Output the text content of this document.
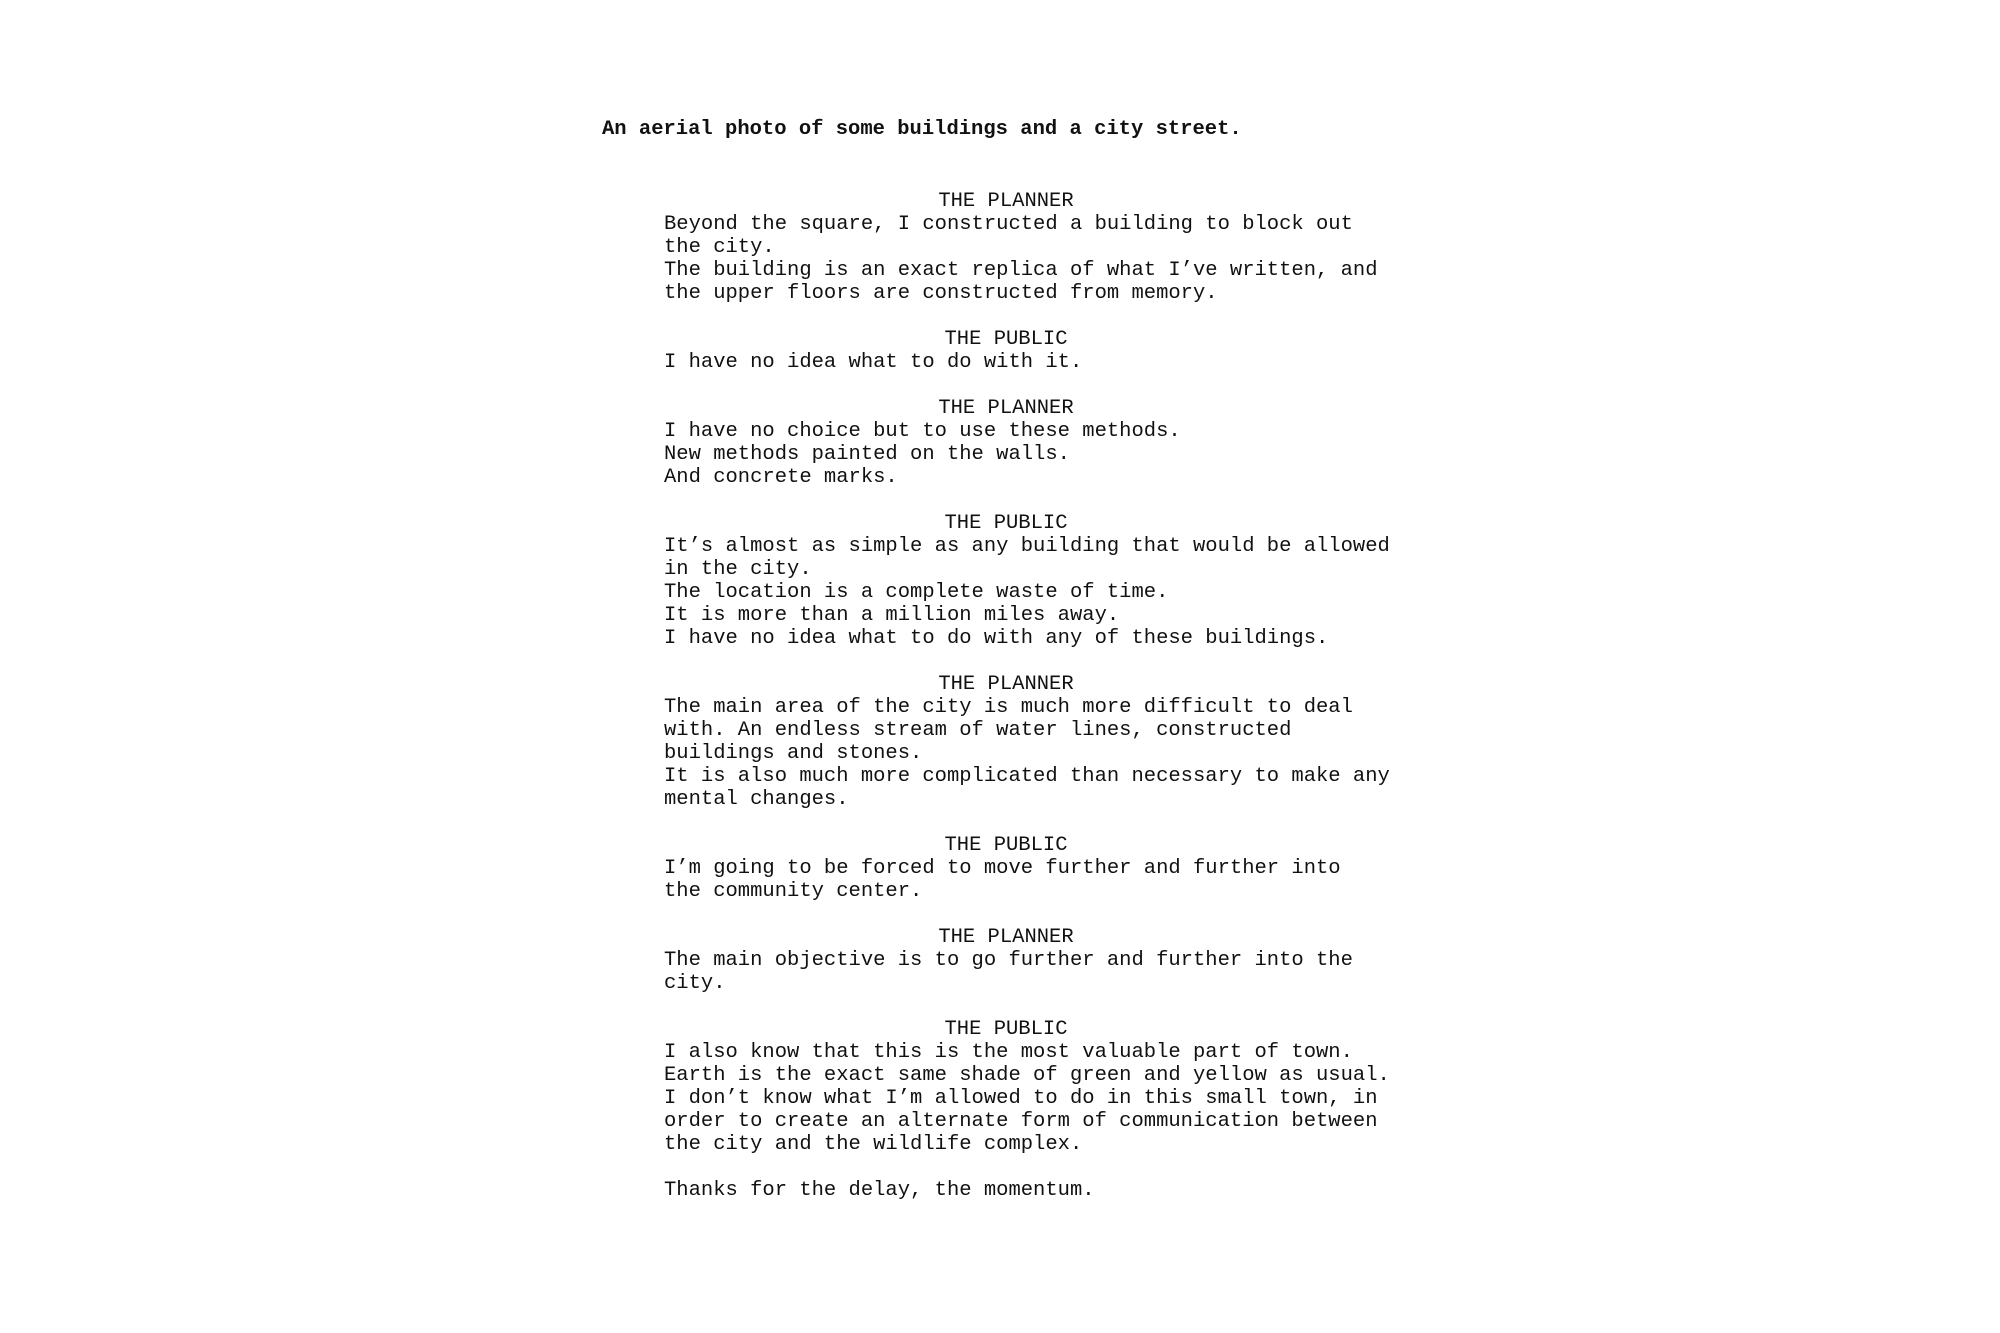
An aerial photo of some buildings and a city street.

THE PLANNER
Beyond the square, I constructed a building to block out
the city.
The building is an exact replica of what I’ve written, and
the upper floors are constructed from memory.
THE PUBLIC
I have no idea what to do with it.
THE PLANNER
I have no choice but to use these methods.
New methods painted on the walls.
And concrete marks.
THE PUBLIC
It’s almost as simple as any building that would be allowed
in the city.
The location is a complete waste of time.
It is more than a million miles away.
I have no idea what to do with any of these buildings.
THE PLANNER
The main area of the city is much more difficult to deal
with. An endless stream of water lines, constructed
buildings and stones.
It is also much more complicated than necessary to make any
mental changes.
THE PUBLIC
I’m going to be forced to move further and further into
the community center.
THE PLANNER
The main objective is to go further and further into the
city.
THE PUBLIC
I also know that this is the most valuable part of town.
Earth is the exact same shade of green and yellow as usual.
I don’t know what I’m allowed to do in this small town, in
order to create an alternate form of communication between
the city and the wildlife complex.
Thanks for the delay, the momentum.
